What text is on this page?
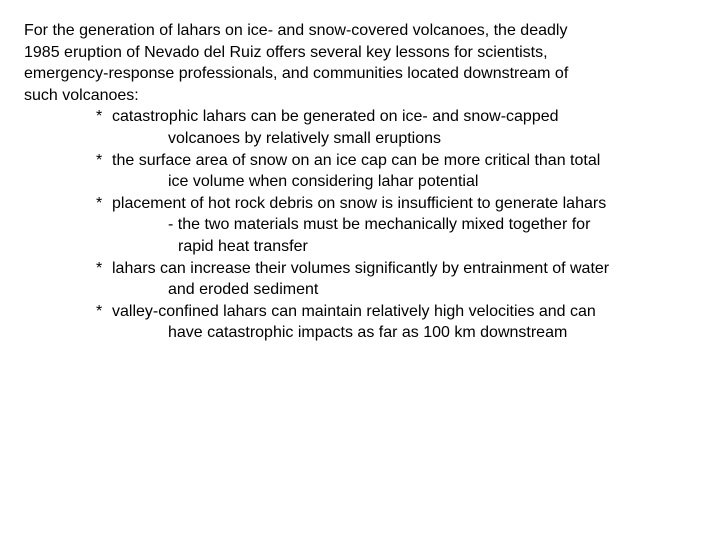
For the generation of lahars on ice- and snow-covered volcanoes, the deadly
1985 eruption of Nevado del Ruiz offers several key lessons for scientists,
emergency-response professionals, and communities located downstream of
such volcanoes:
* catastrophic lahars can be generated on ice- and snow-capped
volcanoes by relatively small eruptions
* the surface area of snow on an ice cap can be more critical than total
ice volume when considering lahar potential
* placement of hot rock debris on snow is insufficient to generate lahars
- the two materials must be mechanically mixed together for
rapid heat transfer
* lahars can increase their volumes significantly by entrainment of water
and eroded sediment
* valley-confined lahars can maintain relatively high velocities and can
have catastrophic impacts as far as 100 km downstream
